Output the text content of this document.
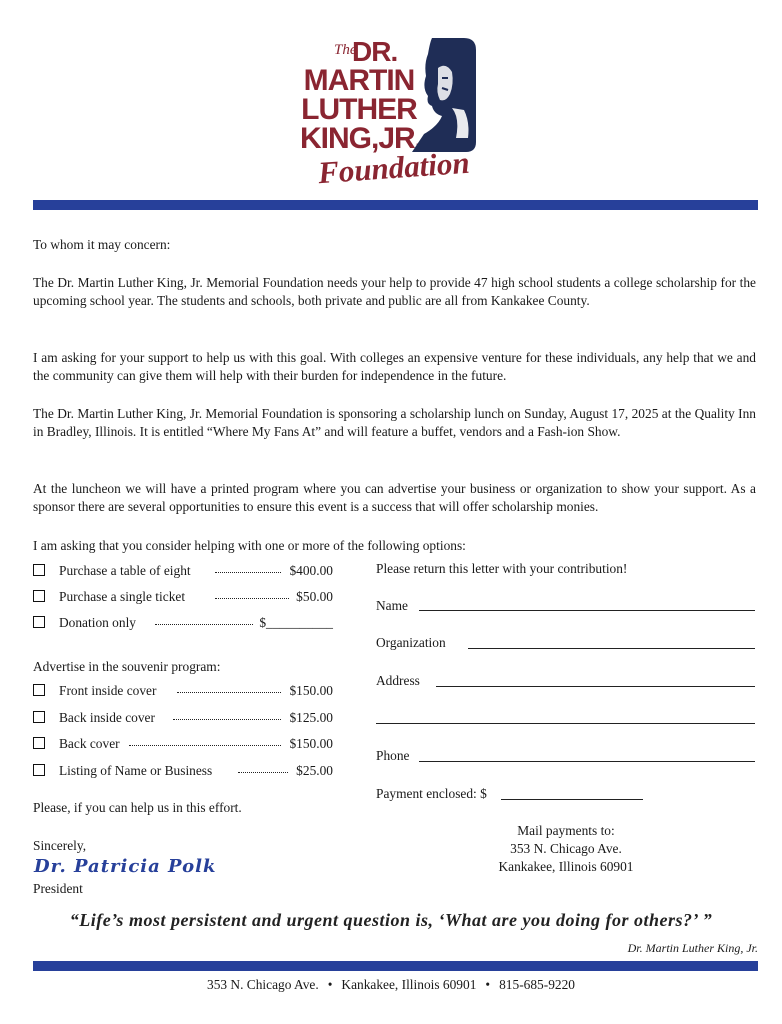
The
DR.
MARTIN
LUTHER
KING,JR.
Foundation
To whom it may concern:
The Dr. Martin Luther King, Jr. Memorial Foundation needs your help to provide 47 high school students a college scholarship for the upcoming school year. The students and schools, both private and public are all from Kankakee County.
I am asking for your support to help us with this goal. With colleges an expensive venture for these individuals, any help that we and the community can give them will help with their burden for independence in the future.
The Dr. Martin Luther King, Jr. Memorial Foundation is sponsoring a scholarship lunch on Sunday, August 17, 2025 at the Quality Inn in Bradley, Illinois. It is entitled “Where My Fans At” and will feature a buffet, vendors and a Fash-ion Show.
At the luncheon we will have a printed program where you can advertise your business or organization to show your support. As a sponsor there are several opportunities to ensure this event is a success that will offer scholarship monies.
I am asking that you consider helping with one or more of the following options:
Purchase a table of eight	$400.00
Purchase a single ticket	$50.00
Donation only	$__________
Advertise in the souvenir program:
Front inside cover	$150.00
Back inside cover	$125.00
Back cover	$150.00
Listing of Name or Business	$25.00
Please, if you can help us in this effort.
Sincerely,
Dr. Patricia Polk
President
Please return this letter with your contribution!
Name
Organization
Address
Phone
Payment enclosed: $
Mail payments to:
353 N. Chicago Ave.
Kankakee, Illinois 60901
“Life’s most persistent and urgent question is, ‘What are you doing for others?’ ”
Dr. Martin Luther King, Jr.
353 N. Chicago Ave. • Kankakee, Illinois 60901 • 815-685-9220
